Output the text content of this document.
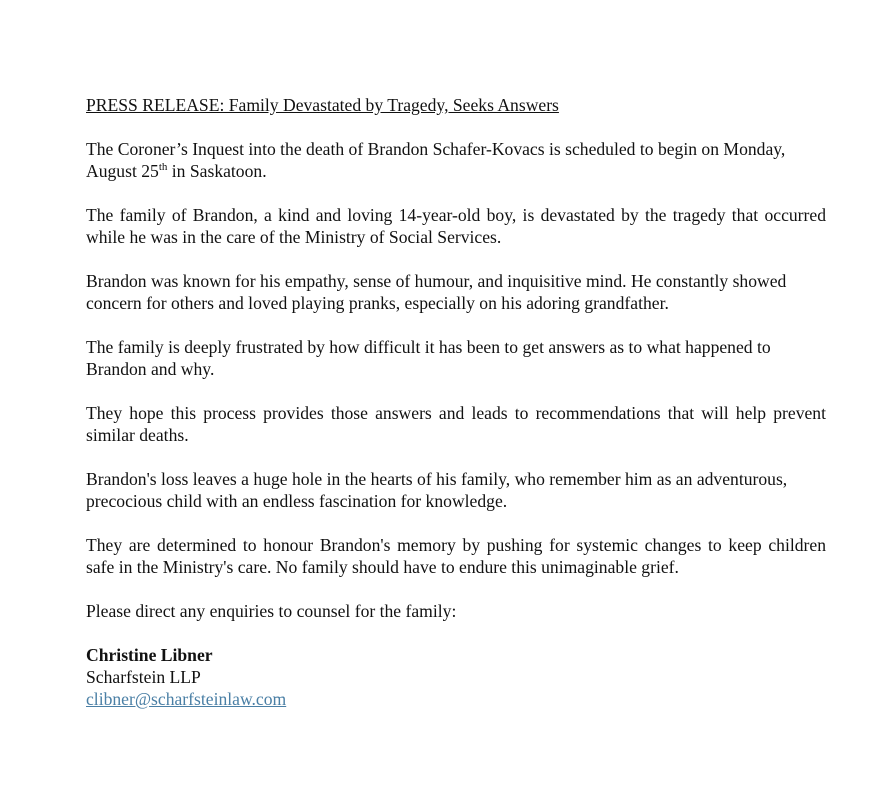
PRESS RELEASE: Family Devastated by Tragedy, Seeks Answers

The Coroner’s Inquest into the death of Brandon Schafer-Kovacs is scheduled to begin on Monday, August 25th in Saskatoon.

The family of Brandon, a kind and loving 14-year-old boy, is devastated by the tragedy that occurred while he was in the care of the Ministry of Social Services.

Brandon was known for his empathy, sense of humour, and inquisitive mind. He constantly showed concern for others and loved playing pranks, especially on his adoring grandfather.

The family is deeply frustrated by how difficult it has been to get answers as to what happened to Brandon and why.

They hope this process provides those answers and leads to recommendations that will help prevent similar deaths.

Brandon's loss leaves a huge hole in the hearts of his family, who remember him as an adventurous, precocious child with an endless fascination for knowledge.

They are determined to honour Brandon's memory by pushing for systemic changes to keep children safe in the Ministry's care. No family should have to endure this unimaginable grief.

Please direct any enquiries to counsel for the family:

Christine Libner
Scharfstein LLP
clibner@scharfsteinlaw.com
